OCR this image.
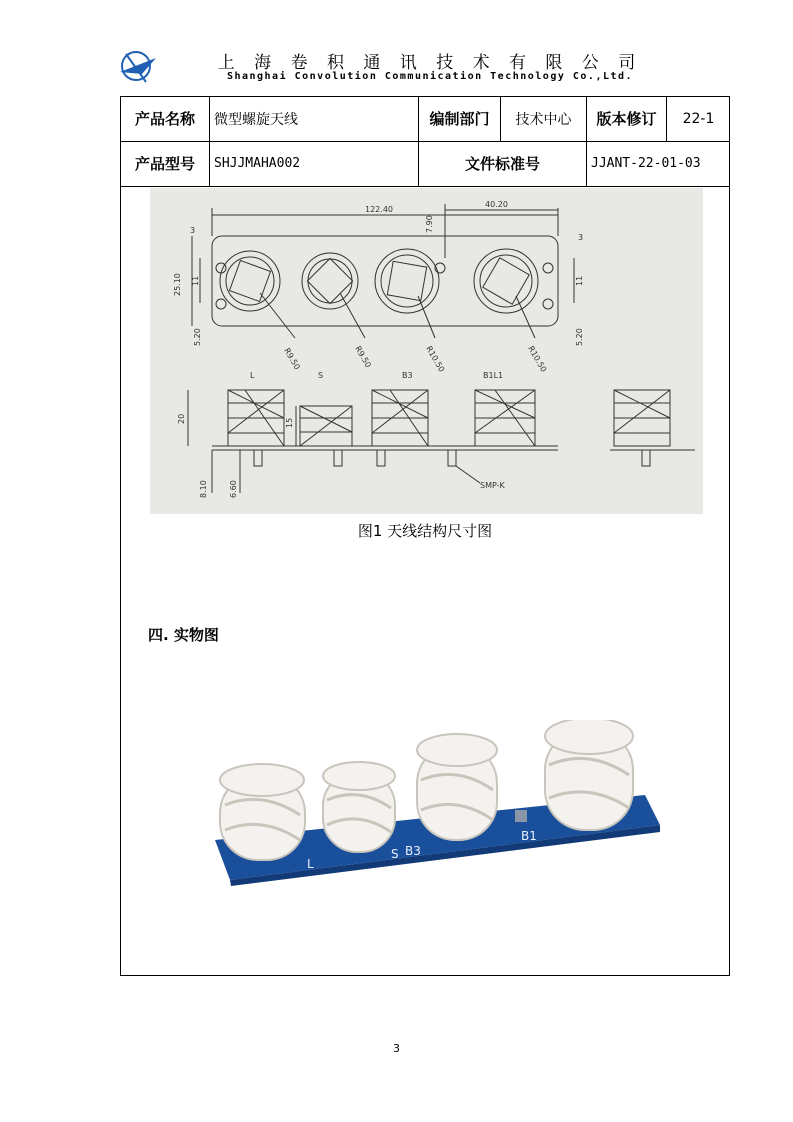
上 海 卷 积 通 讯 技 术 有 限 公 司
Shanghai Convolution Communication Technology Co.,Ltd.
产品名称	微型螺旋天线	编制部门	技术中心	版本修订	22-1
产品型号	SHJJMAHA002	文件标准号	JJANT-22-01-03
122.40
40.20
3
3
7.90
25.10 11	11
5.20	5.20
R9.50	R9.50	R10.50	R10.50
L	S	B3	B1L1
20	15
8.10	6.60	SMP-K
图1 天线结构尺寸图
四. 实物图
L
S B3
B1
3
